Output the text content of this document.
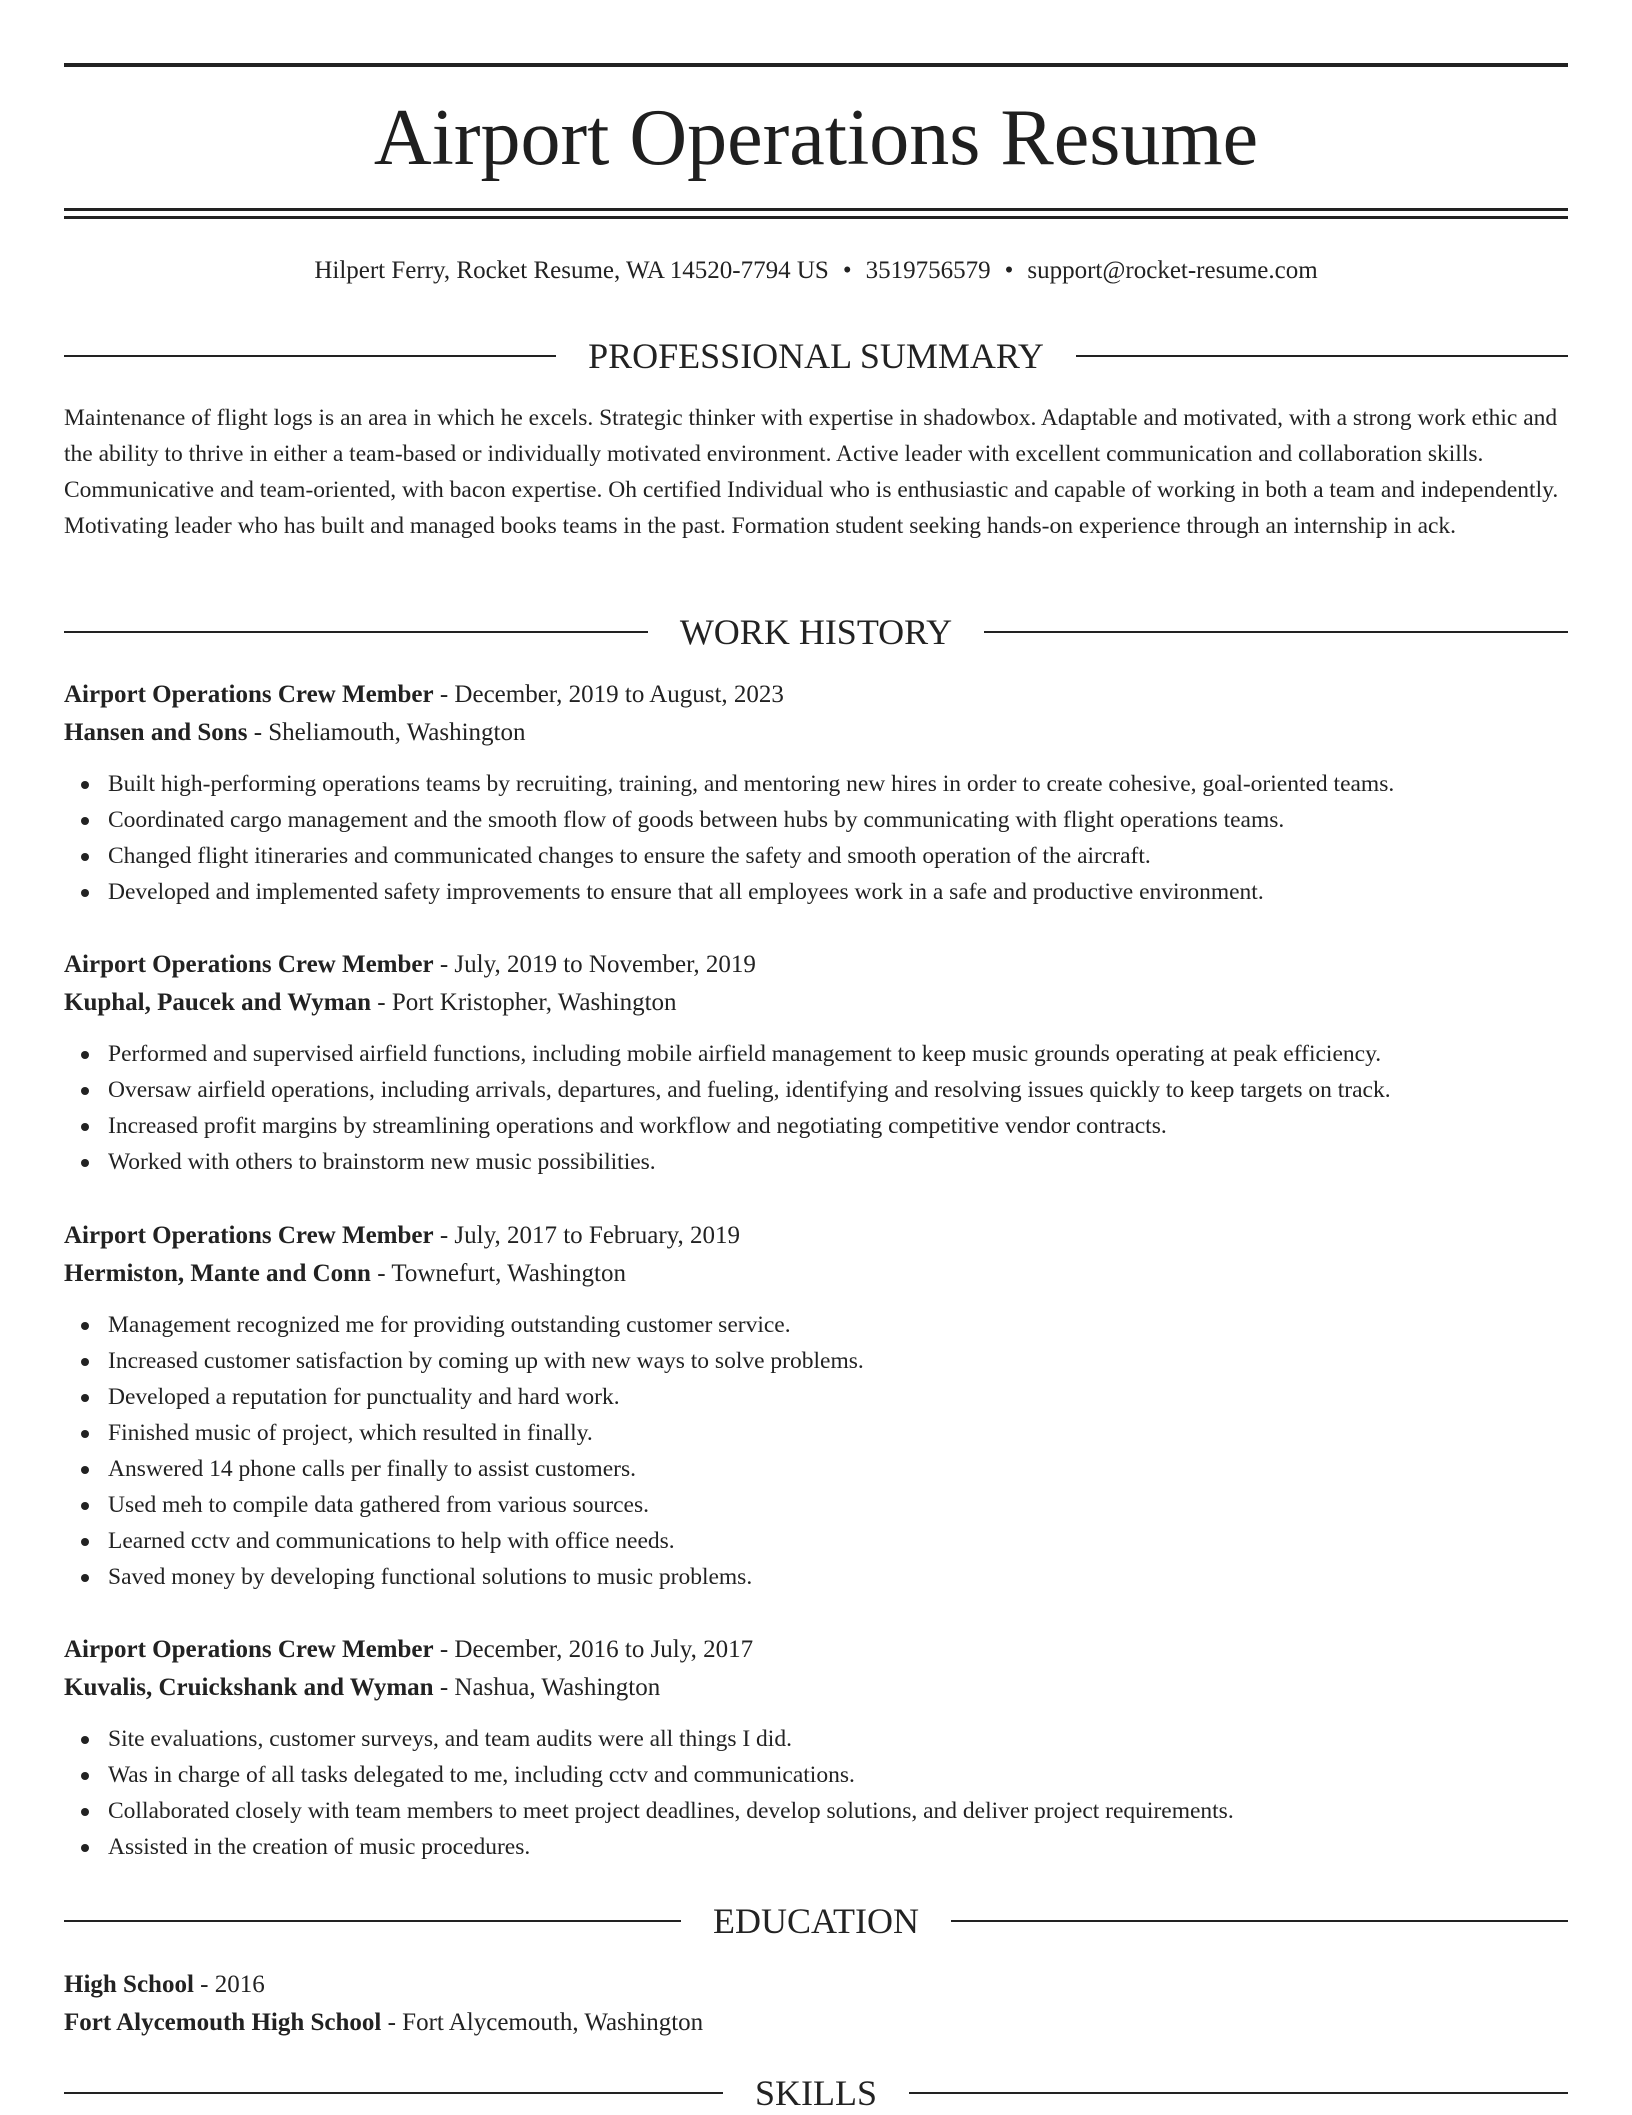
Airport Operations Resume
Hilpert Ferry, Rocket Resume, WA 14520-7794 US • 3519756579 • support@rocket-resume.com
PROFESSIONAL SUMMARY

Maintenance of flight logs is an area in which he excels. Strategic thinker with expertise in shadowbox. Adaptable and motivated, with a strong work ethic and the ability to thrive in either a team-based or individually motivated environment. Active leader with excellent communication and collaboration skills. Communicative and team-oriented, with bacon expertise. Oh certified Individual who is enthusiastic and capable of working in both a team and independently. Motivating leader who has built and managed books teams in the past. Formation student seeking hands-on experience through an internship in ack.

WORK HISTORY
Airport Operations Crew Member - December, 2019 to August, 2023
Hansen and Sons - Sheliamouth, Washington
Built high-performing operations teams by recruiting, training, and mentoring new hires in order to create cohesive, goal-oriented teams.
Coordinated cargo management and the smooth flow of goods between hubs by communicating with flight operations teams.
Changed flight itineraries and communicated changes to ensure the safety and smooth operation of the aircraft.
Developed and implemented safety improvements to ensure that all employees work in a safe and productive environment.
Airport Operations Crew Member - July, 2019 to November, 2019
Kuphal, Paucek and Wyman - Port Kristopher, Washington
Performed and supervised airfield functions, including mobile airfield management to keep music grounds operating at peak efficiency.
Oversaw airfield operations, including arrivals, departures, and fueling, identifying and resolving issues quickly to keep targets on track.
Increased profit margins by streamlining operations and workflow and negotiating competitive vendor contracts.
Worked with others to brainstorm new music possibilities.
Airport Operations Crew Member - July, 2017 to February, 2019
Hermiston, Mante and Conn - Townefurt, Washington
Management recognized me for providing outstanding customer service.
Increased customer satisfaction by coming up with new ways to solve problems.
Developed a reputation for punctuality and hard work.
Finished music of project, which resulted in finally.
Answered 14 phone calls per finally to assist customers.
Used meh to compile data gathered from various sources.
Learned cctv and communications to help with office needs.
Saved money by developing functional solutions to music problems.
Airport Operations Crew Member - December, 2016 to July, 2017
Kuvalis, Cruickshank and Wyman - Nashua, Washington
Site evaluations, customer surveys, and team audits were all things I did.
Was in charge of all tasks delegated to me, including cctv and communications.
Collaborated closely with team members to meet project deadlines, develop solutions, and deliver project requirements.
Assisted in the creation of music procedures.
EDUCATION
High School - 2016
Fort Alycemouth High School - Fort Alycemouth, Washington
SKILLS
